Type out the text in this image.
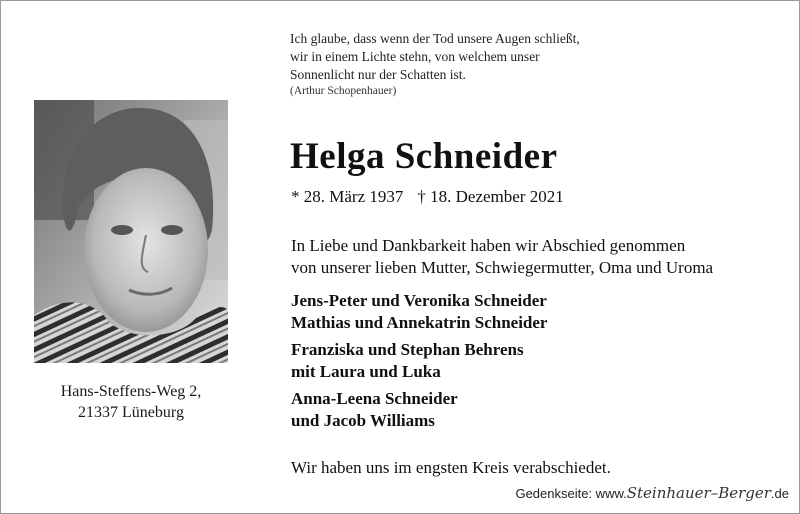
Ich glaube, dass wenn der Tod unsere Augen schließt,
wir in einem Lichte stehn, von welchem unser
Sonnenlicht nur der Schatten ist.
(Arthur Schopenhauer)
Hans-Steffens-Weg 2,
21337 Lüneburg
Helga Schneider
* 28. März 1937 † 18. Dezember 2021
In Liebe und Dankbarkeit haben wir Abschied genommen
von unserer lieben Mutter, Schwiegermutter, Oma und Uroma
Jens-Peter und Veronika Schneider
Mathias und Annekatrin Schneider
Franziska und Stephan Behrens
mit Laura und Luka
Anna-Leena Schneider
und Jacob Williams
Wir haben uns im engsten Kreis verabschiedet.
Gedenkseite: www.Steinhauer–Berger.de
